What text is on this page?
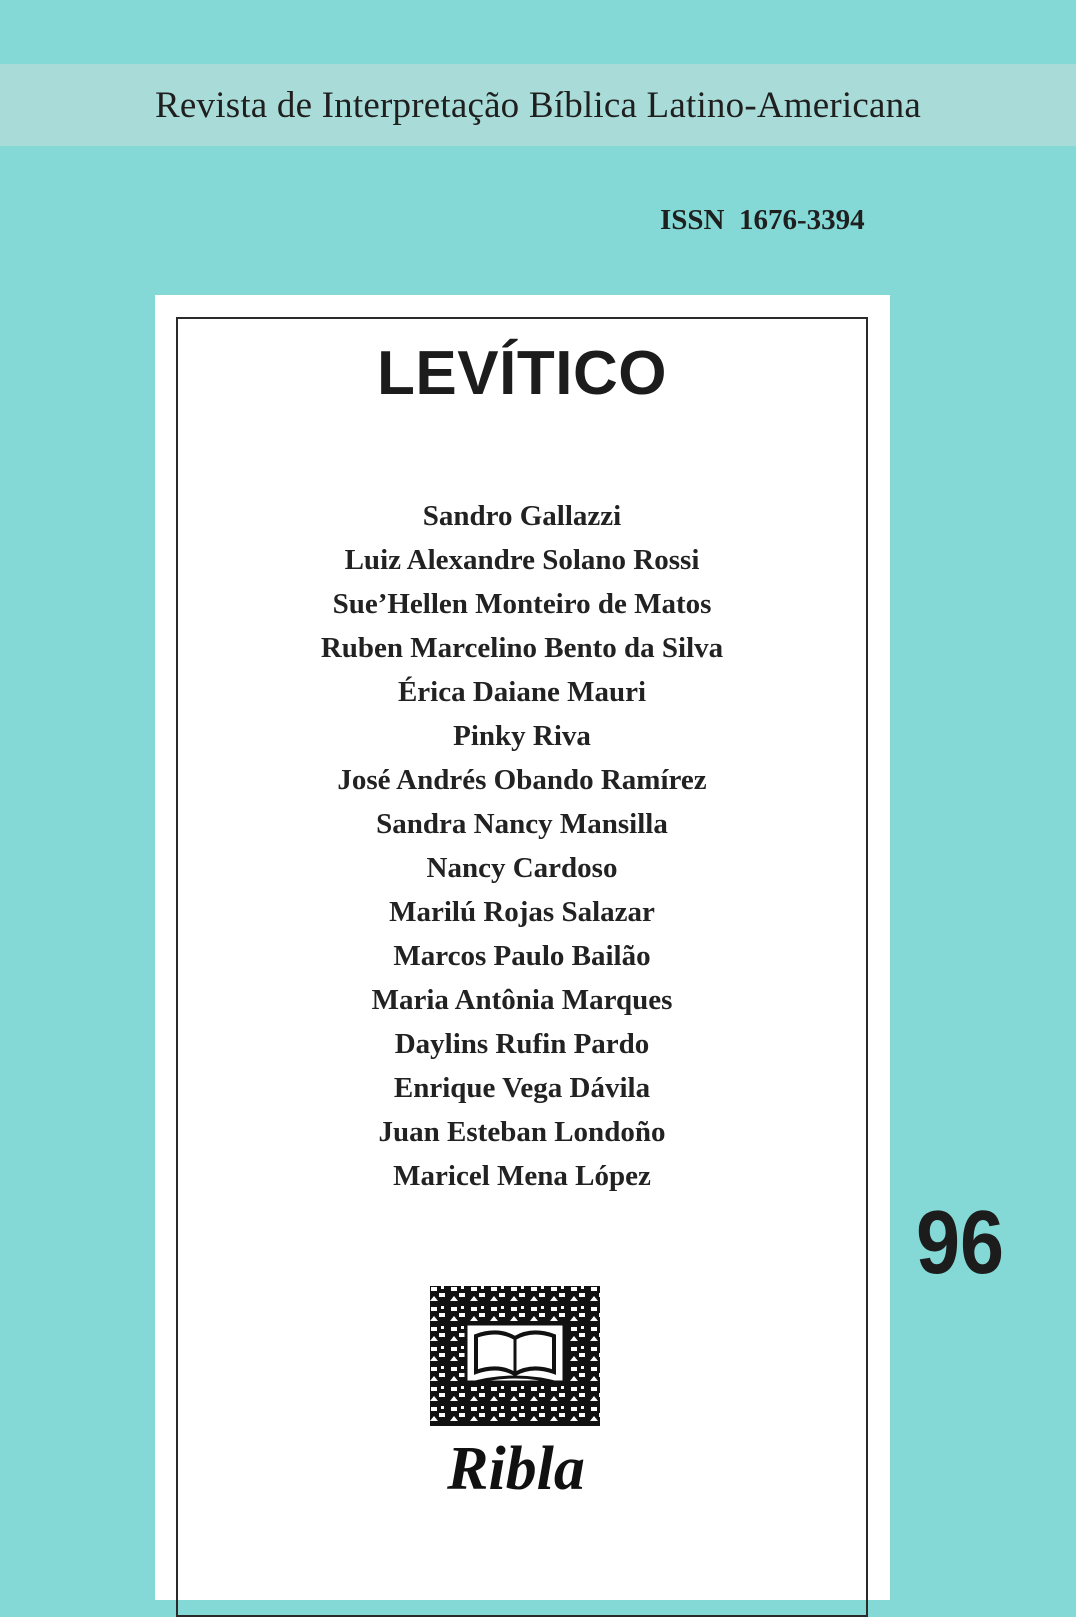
Revista de Interpretação Bíblica Latino-Americana
ISSN  1676-3394
LEVÍTICO
Sandro Gallazzi
Luiz Alexandre Solano Rossi
Sue’Hellen Monteiro de Matos
Ruben Marcelino Bento da Silva
Érica Daiane Mauri
Pinky Riva
José Andrés Obando Ramírez
Sandra Nancy Mansilla
Nancy Cardoso
Marilú Rojas Salazar
Marcos Paulo Bailão
Maria Antônia Marques
Daylins Rufin Pardo
Enrique Vega Dávila
Juan Esteban Londoño
Maricel Mena López
96
Ribla
